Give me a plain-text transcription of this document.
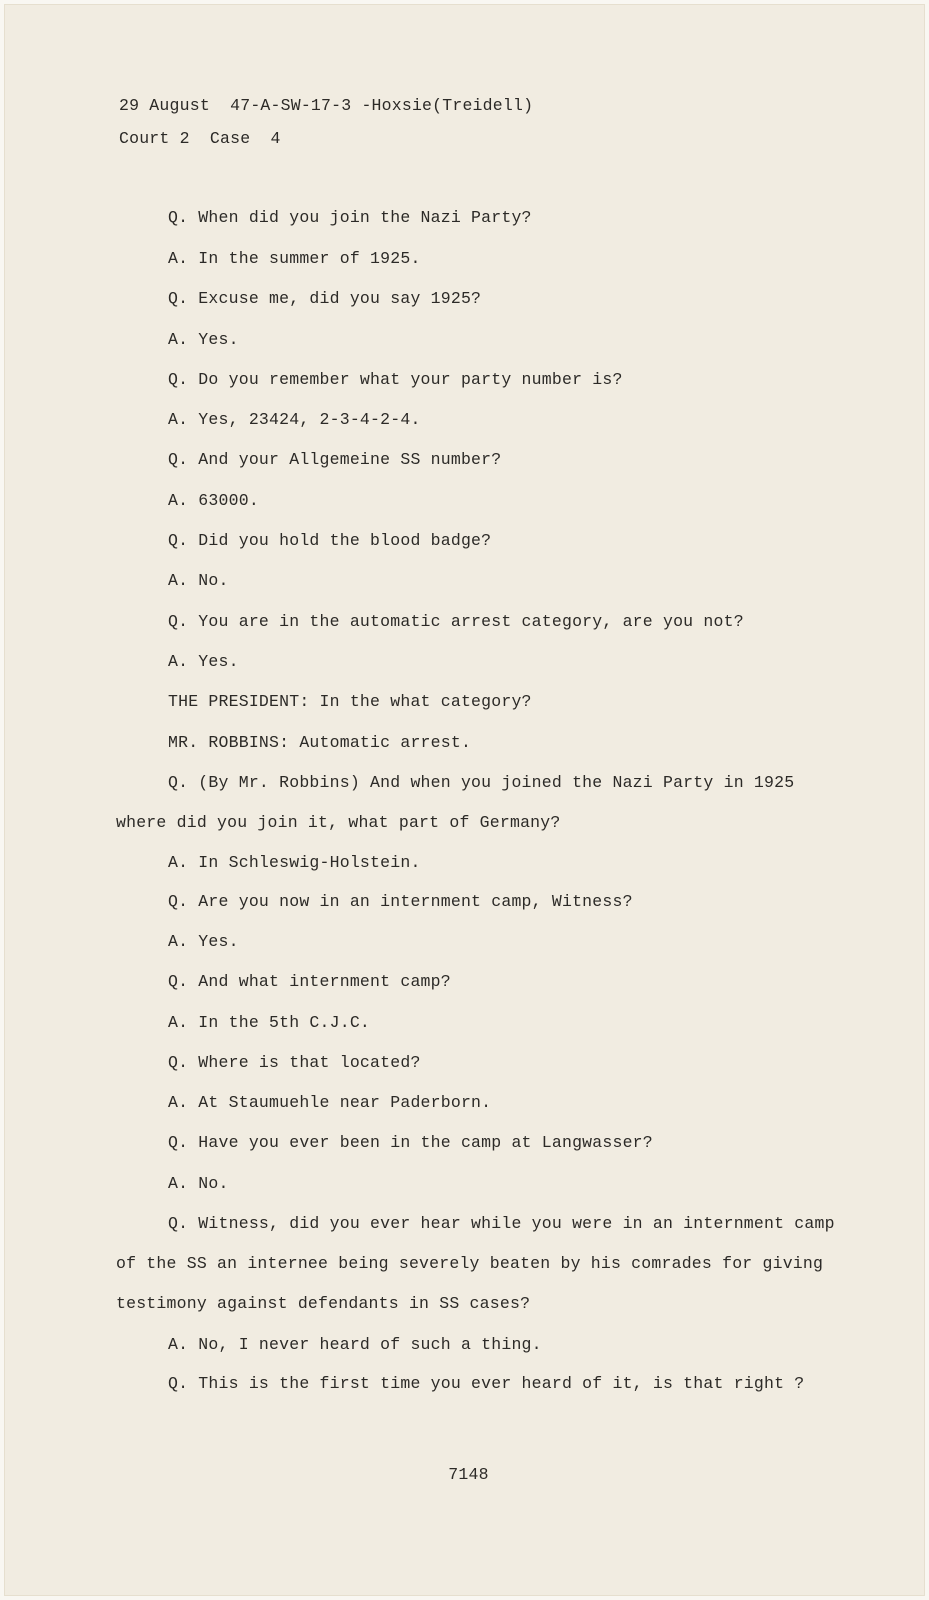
29 August  47-A-SW-17-3 -Hoxsie(Treidell)
Court 2  Case  4
Q. When did you join the Nazi Party?
A. In the summer of 1925.
Q. Excuse me, did you say 1925?
A. Yes.
Q. Do you remember what your party number is?
A. Yes, 23424, 2-3-4-2-4.
Q. And your Allgemeine SS number?
A. 63000.
Q. Did you hold the blood badge?
A. No.
Q. You are in the automatic arrest category, are you not?
A. Yes.
THE PRESIDENT: In the what category?
MR. ROBBINS: Automatic arrest.
Q. (By Mr. Robbins) And when you joined the Nazi Party in 1925
where did you join it, what part of Germany?
A. In Schleswig-Holstein.
Q. Are you now in an internment camp, Witness?
A. Yes.
Q. And what internment camp?
A. In the 5th C.J.C.
Q. Where is that located?
A. At Staumuehle near Paderborn.
Q. Have you ever been in the camp at Langwasser?
A. No.
Q. Witness, did you ever hear while you were in an internment camp
of the SS an internee being severely beaten by his comrades for giving
testimony against defendants in SS cases?
A. No, I never heard of such a thing.
Q. This is the first time you ever heard of it, is that right ?
7148
